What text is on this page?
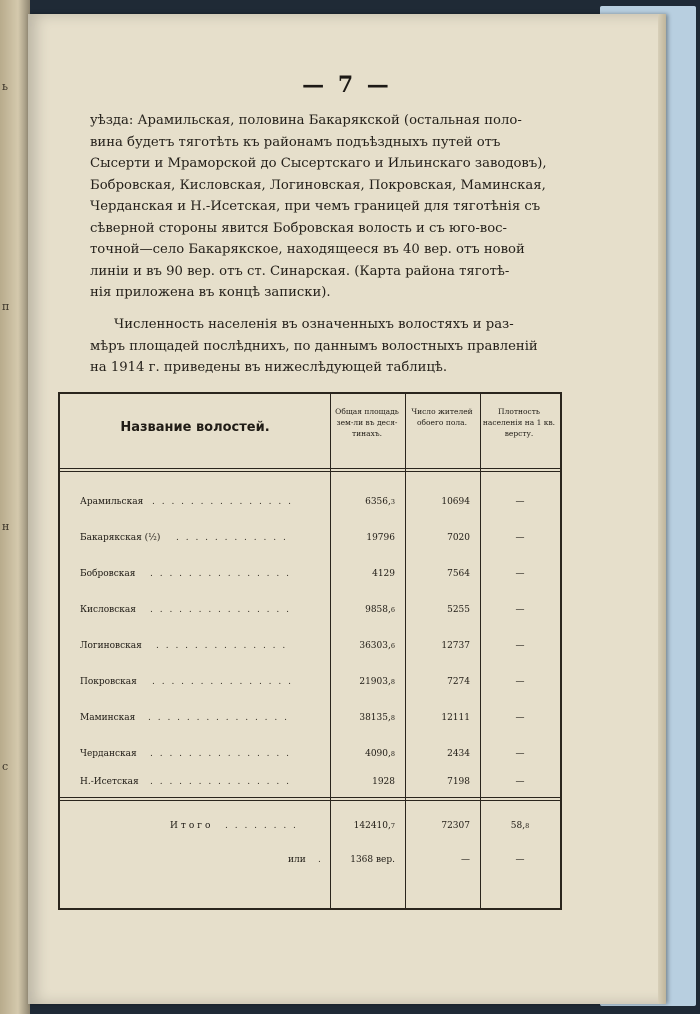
ь
п
н
с
— 7 —
уѣзда: Арамильская, половина Бакарякской (остальная поло-
вина будетъ тяготѣть къ районамъ подъѣздныхъ путей отъ
Сысерти и Мраморской до Сысертскаго и Ильинскаго заводовъ),
Бобровская, Кисловская, Логиновская, Покровская, Маминская,
Черданская и Н.-Исетская, при чемъ границей для тяготѣнія съ
сѣверной стороны явится Бобровская волость и съ юго-вос-
точной—село Бакарякское, находящееся въ 40 вер. отъ новой
линіи и въ 90 вер. отъ ст. Синарская. (Карта района тяготѣ-
нія приложена въ концѣ записки).
Численность населенія въ означенныхъ волостяхъ и раз-
мѣръ площадей послѣднихъ, по даннымъ волостныхъ правленій
на 1914 г. приведены въ нижеслѣдующей таблицѣ.
Название волостей.
Общая площадь зем-ли въ деся-тинахъ.
Число жителей обоего пола.
Плотность населенія на 1 кв. версту.
Арамильская . . . . . . . . . . . . . . .	6356,3	10694	—
Бакарякская (½) . . . . . . . . . . . .	19796	7020	—
Бобровская . . . . . . . . . . . . . . .	4129	7564	—
Кисловская . . . . . . . . . . . . . . .	9858,6	5255	—
Логиновская . . . . . . . . . . . . . .	36303,6	12737	—
Покровская . . . . . . . . . . . . . . .	21903,8	7274	—
Маминская . . . . . . . . . . . . . . .	38135,8	12111	—
Черданская . . . . . . . . . . . . . . .	4090,8	2434	—
Н.-Исетская . . . . . . . . . . . . . . .	1928	7198	—
Итого . . . . . . . .	142410,7	72307	58,8
или .	1368 вер.	—	—
